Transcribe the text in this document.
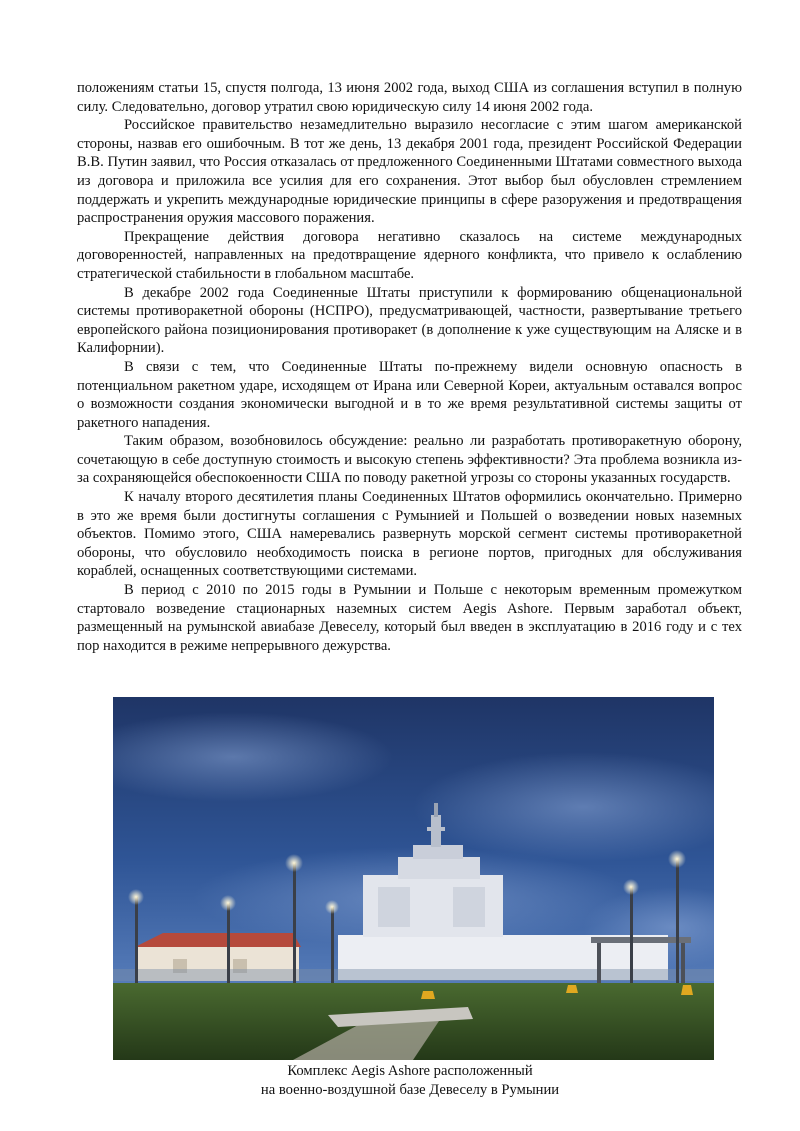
положениям статьи 15, спустя полгода, 13 июня 2002 года, выход США из соглашения вступил в полную силу. Следовательно, договор утратил свою юридическую силу 14 июня 2002 года.

Российское правительство незамедлительно выразило несогласие с этим шагом американской стороны, назвав его ошибочным. В тот же день, 13 декабря 2001 года, президент Российской Федерации В.В. Путин заявил, что Россия отказалась от предложенного Соединенными Штатами совместного выхода из договора и приложила все усилия для его сохранения. Этот выбор был обусловлен стремлением поддержать и укрепить международные юридические принципы в сфере разоружения и предотвращения распространения оружия массового поражения.

Прекращение действия договора негативно сказалось на системе международных договоренностей, направленных на предотвращение ядерного конфликта, что привело к ослаблению стратегической стабильности в глобальном масштабе.

В декабре 2002 года Соединенные Штаты приступили к формированию общенациональной системы противоракетной обороны (НСПРО), предусматривающей, частности, развертывание третьего европейского района позиционирования противоракет (в дополнение к уже существующим на Аляске и в Калифорнии).

В связи с тем, что Соединенные Штаты по-прежнему видели основную опасность в потенциальном ракетном ударе, исходящем от Ирана или Северной Кореи, актуальным оставался вопрос о возможности создания экономически выгодной и в то же время результативной системы защиты от ракетного нападения.

Таким образом, возобновилось обсуждение: реально ли разработать противоракетную оборону, сочетающую в себе доступную стоимость и высокую степень эффективности? Эта проблема возникла из-за сохраняющейся обеспокоенности США по поводу ракетной угрозы со стороны указанных государств.

К началу второго десятилетия планы Соединенных Штатов оформились окончательно. Примерно в это же время были достигнуты соглашения с Румынией и Польшей о возведении новых наземных объектов. Помимо этого, США намеревались развернуть морской сегмент системы противоракетной обороны, что обусловило необходимость поиска в регионе портов, пригодных для обслуживания кораблей, оснащенных соответствующими системами.

В период с 2010 по 2015 годы в Румынии и Польше с некоторым временным промежутком стартовало возведение стационарных наземных систем Aegis Ashore. Первым заработал объект, размещенный на румынской авиабазе Девеселу, который был введен в эксплуатацию в 2016 году и с тех пор находится в режиме непрерывного дежурства.

Комплекс Aegis Ashore расположенный
на военно-воздушной базе Девеселу в Румынии
